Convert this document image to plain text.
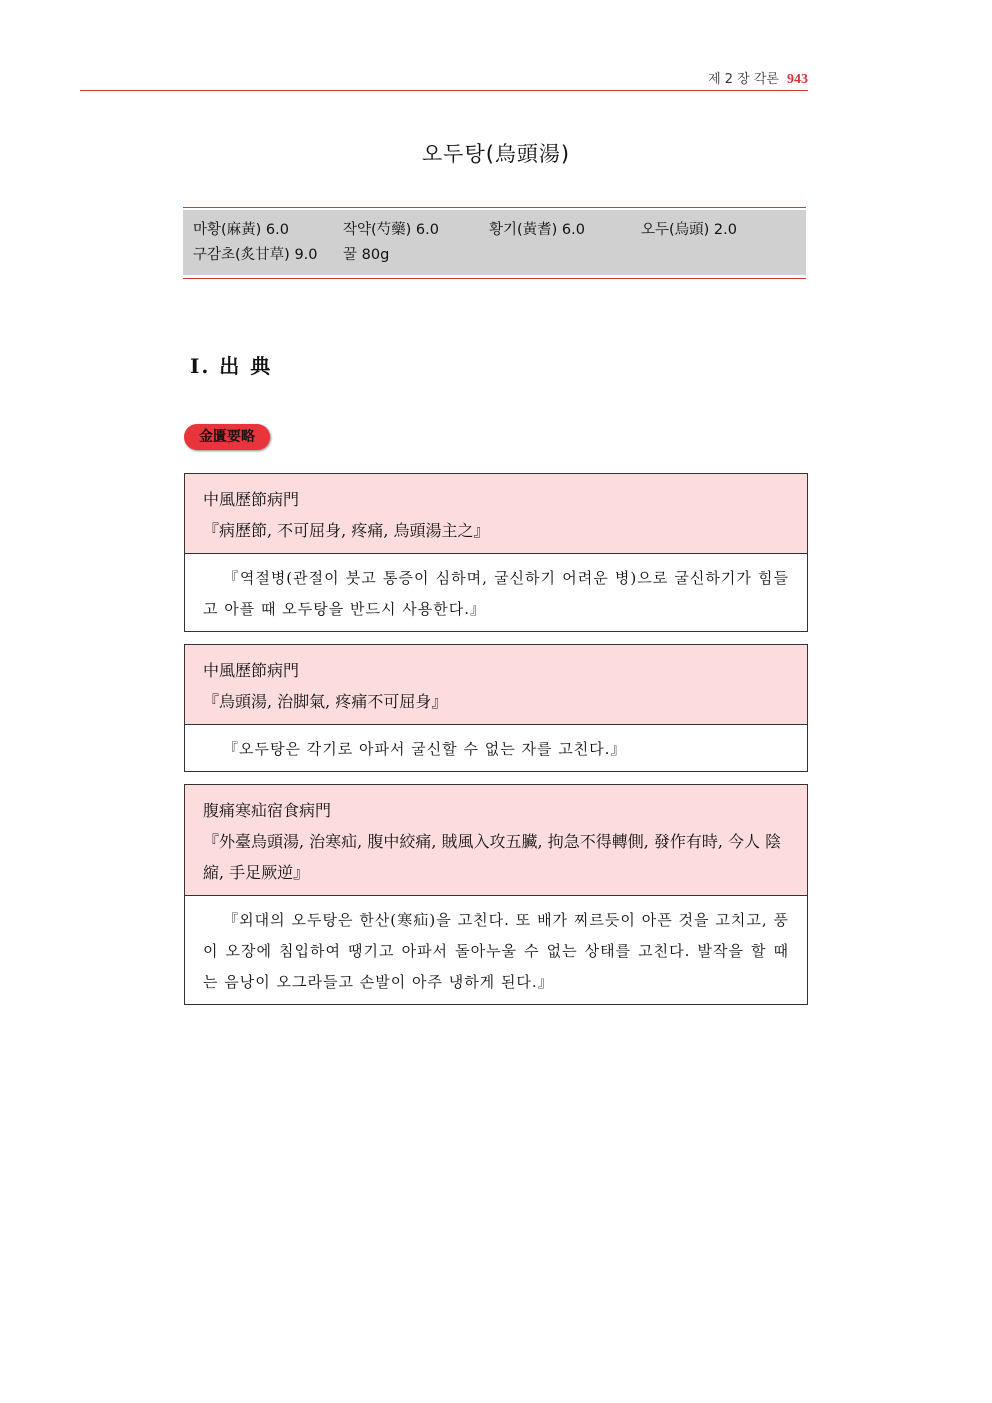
제 2 장 각론 943
오두탕(烏頭湯)
마황(麻黃) 6.0	작약(芍藥) 6.0	황기(黃耆) 6.0	오두(烏頭) 2.0
구감초(炙甘草) 9.0	꿀 80g
Ⅰ. 出 典
金匱要略
中風歷節病門
『病歷節, 不可屈身, 疼痛, 烏頭湯主之』
『역절병(관절이 붓고 통증이 심하며, 굴신하기 어려운 병)으로 굴신하기가 힘들고 아플 때 오두탕을 반드시 사용한다.』
中風歷節病門
『烏頭湯, 治脚氣, 疼痛不可屈身』
『오두탕은 각기로 아파서 굴신할 수 없는 자를 고친다.』
腹痛寒疝宿食病門
『外臺烏頭湯, 治寒疝, 腹中絞痛, 賊風入攻五臟, 拘急不得轉側, 發作有時, 今人 陰縮, 手足厥逆』
『외대의 오두탕은 한산(寒疝)을 고친다. 또 배가 찌르듯이 아픈 것을 고치고, 풍이 오장에 침입하여 땡기고 아파서 돌아누울 수 없는 상태를 고친다. 발작을 할 때는 음낭이 오그라들고 손발이 아주 냉하게 된다.』
